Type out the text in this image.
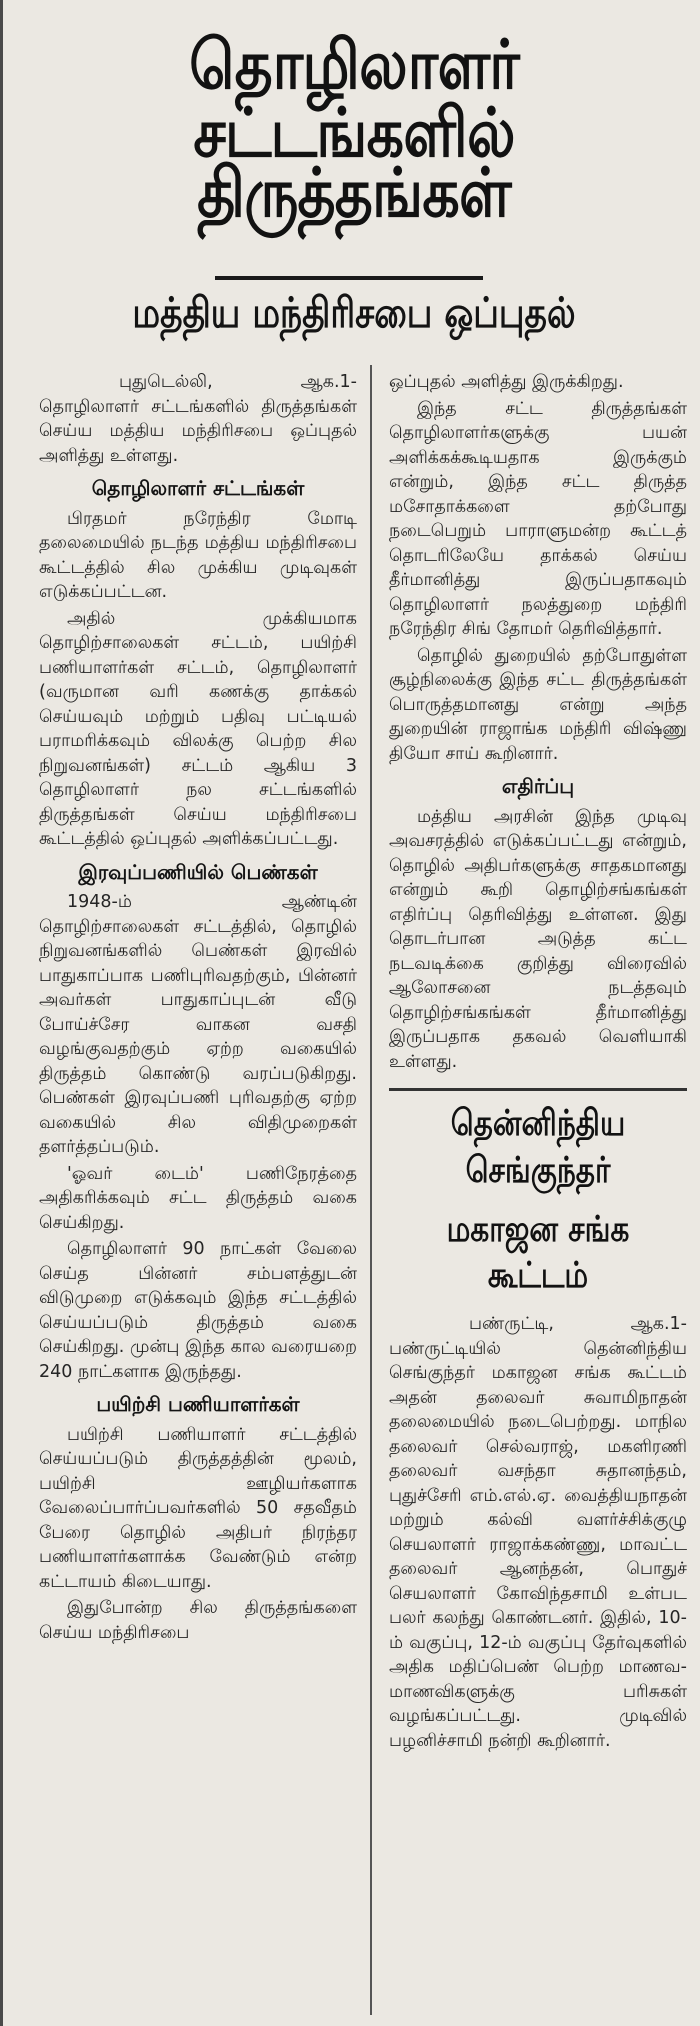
தொழிலாளர் சட்டங்களில்
திருத்தங்கள்
மத்திய மந்திரிசபை ஒப்புதல்

புதுடெல்லி, ஆக.1- தொழிலாளர் சட்டங்களில் திருத்தங்கள் செய்ய மத்திய மந்திரிசபை ஒப்புதல் அளித்து உள்ளது.

தொழிலாளர் சட்டங்கள்

பிரதமர் நரேந்திர மோடி தலைமையில் நடந்த மத்திய மந்திரிசபை கூட்டத்தில் சில முக்கிய முடிவுகள் எடுக்கப்பட்டன.

அதில் முக்கியமாக தொழிற்சாலைகள் சட்டம், பயிற்சி பணியாளர்கள் சட்டம், தொழிலாளர் (வருமான வரி கணக்கு தாக்கல் செய்யவும் மற்றும் பதிவு பட்டியல் பராமரிக்கவும் விலக்கு பெற்ற சில நிறுவனங்கள்) சட்டம் ஆகிய 3 தொழிலாளர் நல சட்டங்களில் திருத்தங்கள் செய்ய மந்திரிசபை கூட்டத்தில் ஒப்புதல் அளிக்கப்பட்டது.

இரவுப்பணியில் பெண்கள்

1948-ம் ஆண்டின் தொழிற்சாலைகள் சட்டத்தில், தொழில் நிறுவனங்களில் பெண்கள் இரவில் பாதுகாப்பாக பணிபுரிவதற்கும், பின்னர் அவர்கள் பாதுகாப்புடன் வீடு போய்ச்சேர வாகன வசதி வழங்குவதற்கும் ஏற்ற வகையில் திருத்தம் கொண்டு வரப்படுகிறது. பெண்கள் இரவுப்பணி புரிவதற்கு ஏற்ற வகையில் சில விதிமுறைகள் தளர்த்தப்படும்.

'ஓவர் டைம்' பணிநேரத்தை அதிகரிக்கவும் சட்ட திருத்தம் வகை செய்கிறது.

தொழிலாளர் 90 நாட்கள் வேலை செய்த பின்னர் சம்பளத்துடன் விடுமுறை எடுக்கவும் இந்த சட்டத்தில் செய்யப்படும் திருத்தம் வகை செய்கிறது. முன்பு இந்த கால வரையறை 240 நாட்களாக இருந்தது.

பயிற்சி பணியாளர்கள்

பயிற்சி பணியாளர் சட்டத்தில் செய்யப்படும் திருத்தத்தின் மூலம், பயிற்சி ஊழியர்களாக வேலைப்பார்ப்பவர்களில் 50 சதவீதம் பேரை தொழில் அதிபர் நிரந்தர பணியாளர்களாக்க வேண்டும் என்ற கட்டாயம் கிடையாது.

இதுபோன்ற சில திருத்தங்களை செய்ய மந்திரிசபை

ஒப்புதல் அளித்து இருக்கிறது.

இந்த சட்ட திருத்தங்கள் தொழிலாளர்களுக்கு பயன் அளிக்கக்கூடியதாக இருக்கும் என்றும், இந்த சட்ட திருத்த மசோதாக்களை தற்போது நடைபெறும் பாராளுமன்ற கூட்டத் தொடரிலேயே தாக்கல் செய்ய தீர்மானித்து இருப்பதாகவும் தொழிலாளர் நலத்துறை மந்திரி நரேந்திர சிங் தோமர் தெரிவித்தார்.

தொழில் துறையில் தற்போதுள்ள சூழ்நிலைக்கு இந்த சட்ட திருத்தங்கள் பொருத்தமானது என்று அந்த துறையின் ராஜாங்க மந்திரி விஷ்ணு தியோ சாய் கூறினார்.

எதிர்ப்பு

மத்திய அரசின் இந்த முடிவு அவசரத்தில் எடுக்கப்பட்டது என்றும், தொழில் அதிபர்களுக்கு சாதகமானது என்றும் கூறி தொழிற்சங்கங்கள் எதிர்ப்பு தெரிவித்து உள்ளன. இது தொடர்பான அடுத்த கட்ட நடவடிக்கை குறித்து விரைவில் ஆலோசனை நடத்தவும் தொழிற்சங்கங்கள் தீர்மானித்து இருப்பதாக தகவல் வெளியாகி உள்ளது.

தென்னிந்திய செங்குந்தர்
மகாஜன சங்க கூட்டம்

பண்ருட்டி, ஆக.1- பண்ருட்டியில் தென்னிந்திய செங்குந்தர் மகாஜன சங்க கூட்டம் அதன் தலைவர் சுவாமிநாதன் தலைமையில் நடைபெற்றது. மாநில தலைவர் செல்வராஜ், மகளிரணி தலைவர் வசந்தா சுதானந்தம், புதுச்சேரி எம்.எல்.ஏ. வைத்தியநாதன் மற்றும் கல்வி வளர்ச்சிக்குழு செயலாளர் ராஜாக்கண்ணு, மாவட்ட தலைவர் ஆனந்தன், பொதுச் செயலாளர் கோவிந்தசாமி உள்பட பலர் கலந்து கொண்டனர். இதில், 10-ம் வகுப்பு, 12-ம் வகுப்பு தேர்வுகளில் அதிக மதிப்பெண் பெற்ற மாணவ-மாணவிகளுக்கு பரிசுகள் வழங்கப்பட்டது. முடிவில் பழனிச்சாமி நன்றி கூறினார்.
